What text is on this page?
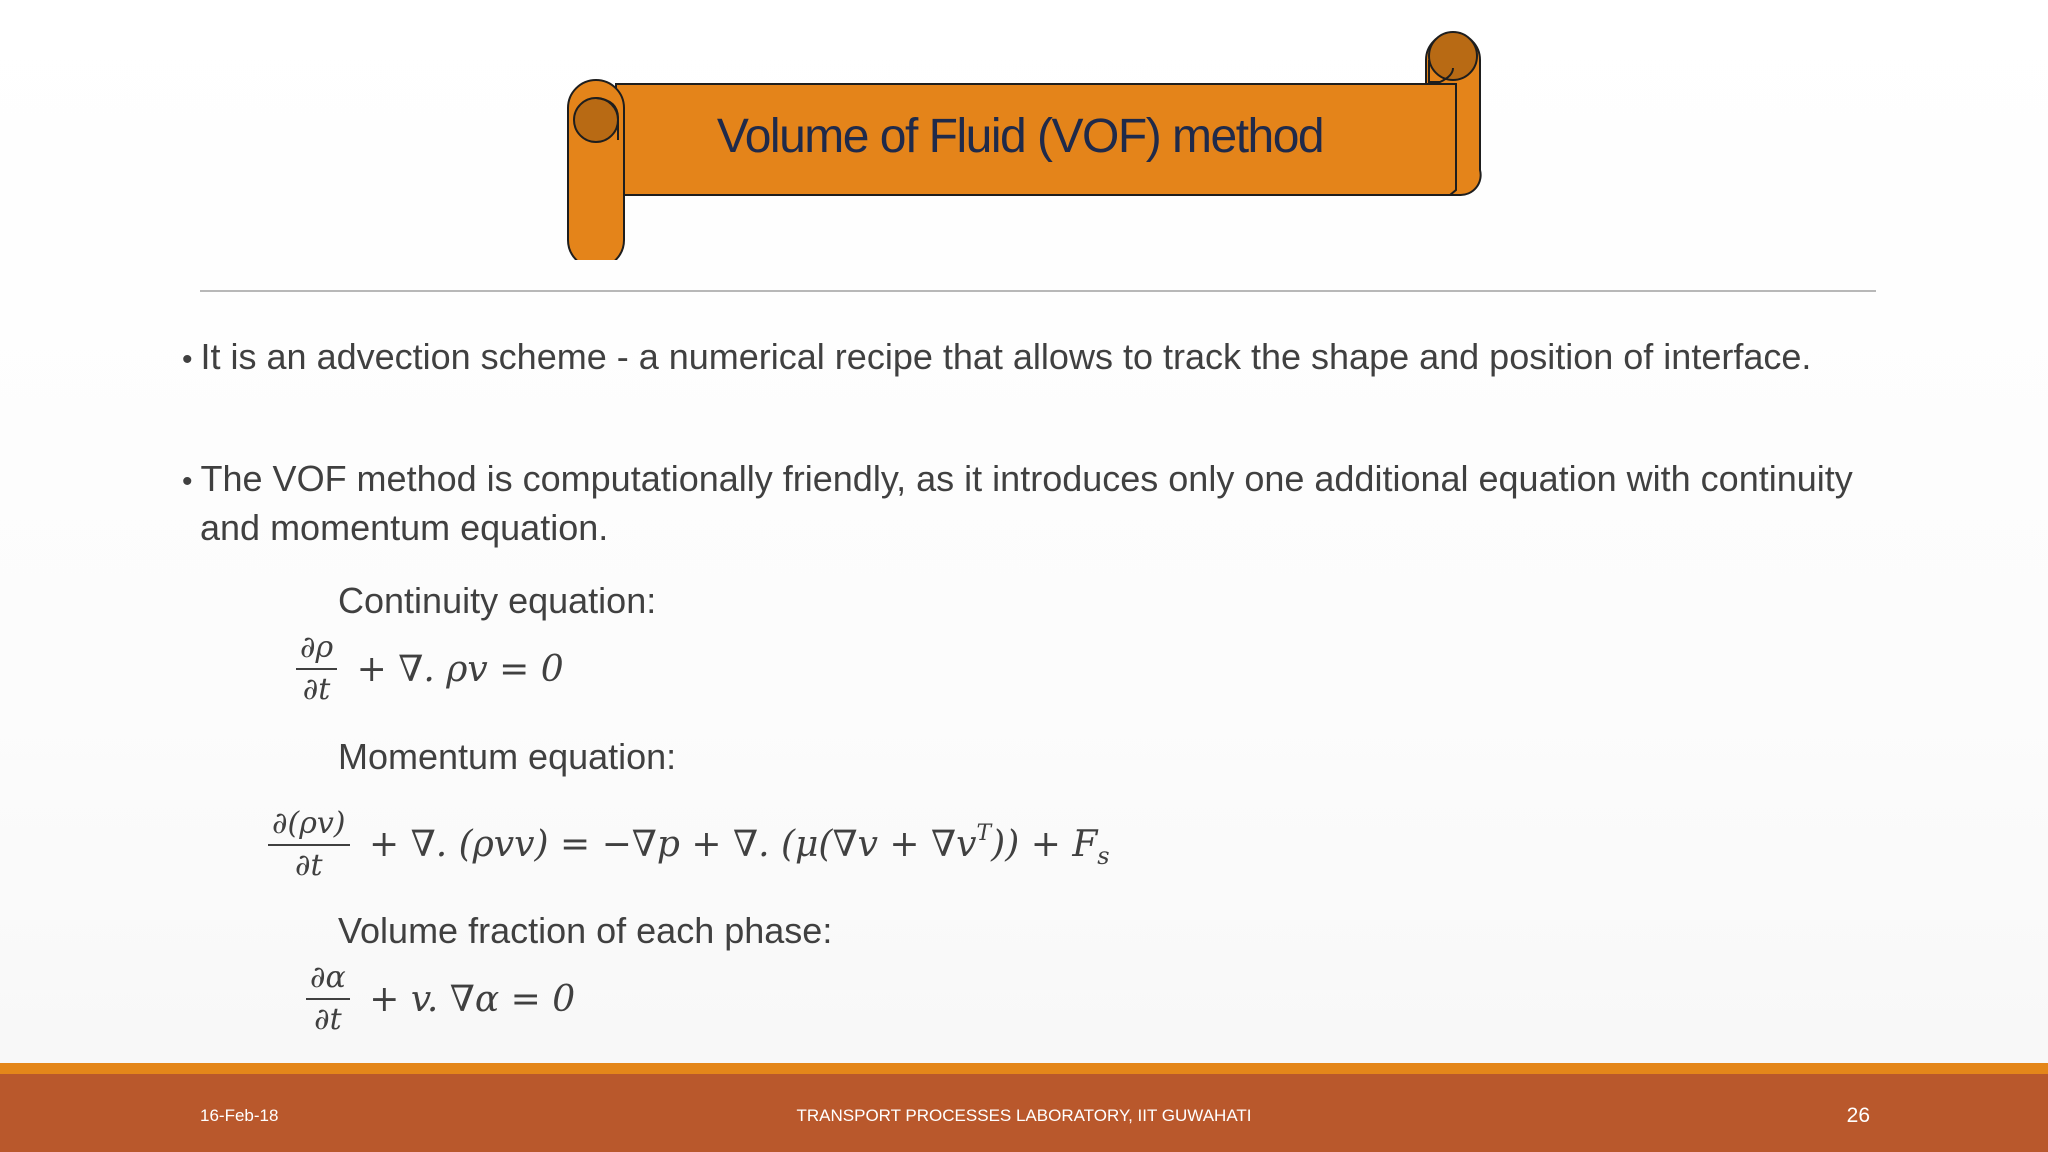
Volume of Fluid (VOF) method
• It is an advection scheme - a numerical recipe that allows to track the shape and position of interface.
• The VOF method is computationally friendly, as it introduces only one additional equation with continuity and momentum equation.
Continuity equation:
$\frac{\partial\rho}{\partial t}$ + ∇. ρv = 0
Momentum equation:
$\frac{\partial(\rho v)}{\partial t}$ + ∇. (ρvv) = −∇p + ∇. $(\mu(\nabla v + \nabla v^T)) + F_s$
Volume fraction of each phase:
$\frac{\partial\alpha}{\partial t} + v$. ∇α = 0
16-Feb-18	TRANSPORT PROCESSES LABORATORY, IIT GUWAHATI	26
